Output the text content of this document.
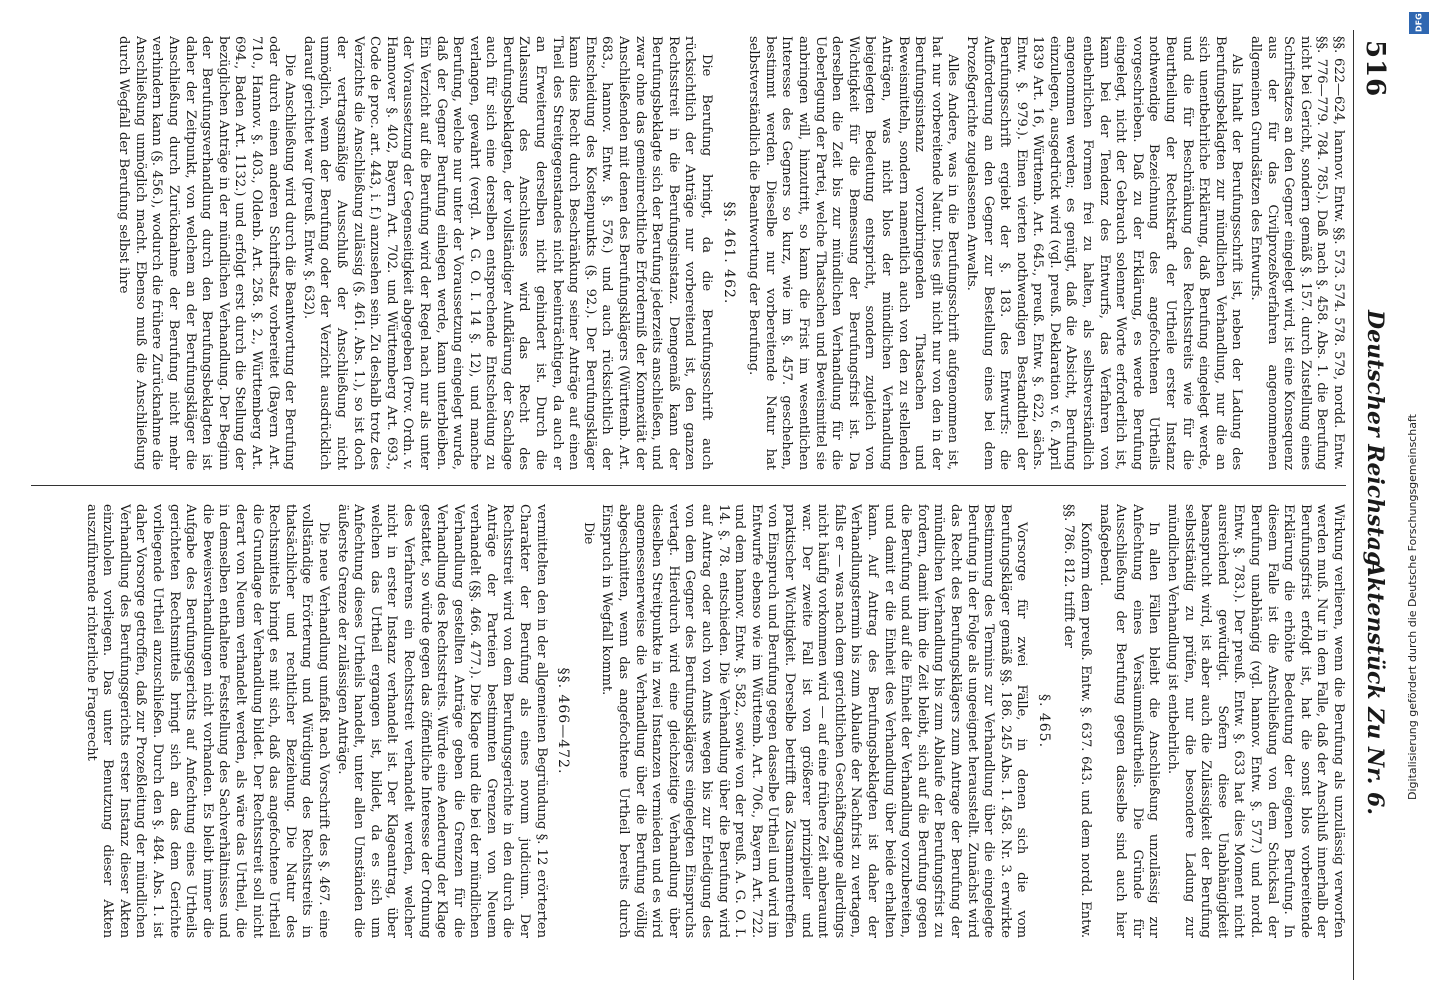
516
Deutscher Reichstag.
Aktenstück Zu Nr. 6.

§§. 622—624, hannov. Entw. §§. 573. 574. 578. 579, nordd. Entw. §§. 776—779. 784. 785.). Daß nach §. 458. Abs. 1. die Berufung nicht bei Gericht, sondern gemäß §. 157. durch Zustellung eines Schriftsatzes an den Gegner eingelegt wird, ist eine Konsequenz aus der für das Civilprozeßverfahren angenommenen allgemeinen Grundsätzen des Entwurfs.

Als Inhalt der Berufungsschrift ist, neben der Ladung des Berufungsbeklagten zur mündlichen Verhandlung, nur die an sich unentbehrliche Erklärung, daß Berufung eingelegt werde, und die für Beschränkung des Rechtsstreits wie für die Beurtheilung der Rechtskraft der Urtheile erster Instanz nothwendige Bezeichnung des angefochtenen Urtheils vorgeschrieben. Daß zu der Erklärung, es werde Berufung eingelegt, nicht der Gebrauch solenner Worte erforderlich ist, kann bei der Tendenz des Entwurfs, das Verfahren von entbehrlichen Formen frei zu halten, als selbstverständlich angenommen werden; es genügt, daß die Absicht, Berufung einzulegen, ausgedrückt wird (vgl. preuß. Deklaration v. 6. April 1839 Art. 16, Württemb. Art. 645., preuß. Entw. §. 622, sächs. Entw. §. 979.). Einen vierten nothwendigen Bestandtheil der Berufungsschrift ergiebt der §. 183. des Entwurfs: die Aufforderung an den Gegner zur Bestellung eines bei dem Prozeßgerichte zugelassenen Anwalts.

Alles Andere, was in die Berufungsschrift aufgenommen ist, hat nur vorbereitende Natur. Dies gilt nicht nur von den in der Berufungsinstanz vorzubringenden Thatsachen und Beweismitteln, sondern namentlich auch von den zu stellenden Anträgen, was nicht blos der mündlichen Verhandlung beigelegten Bedeutung entspricht, sondern zugleich von Wichtigkeit für die Bemessung der Berufungsfrist ist. Da derselben die Zeit bis zur mündlichen Verhandlung für die Ueberlegung der Partei, welche Thatsachen und Beweismittel sie anbringen will, hinzutritt, so kann die Frist im wesentlichen Interesse des Gegners so kurz, wie im §. 457. geschehen, bestimmt werden. Dieselbe nur vorbereitende Natur hat selbstverständlich die Beantwortung der Berufung.

§§. 461. 462.

Die Berufung bringt, da die Berufungsschrift auch rücksichtlich der Anträge nur vorbereitend ist, den ganzen Rechtsstreit in die Berufungsinstanz. Demgemäß kann der Berufungsbeklagte sich der Berufung jederzeits anschließen, und zwar ohne das gemeinrechtliche Erforderniß der Konnexität der Anschließenden mit denen des Berufungsklägers (Württemb. Art. 683., hannov. Entw. §. 576.) und auch rücksichtlich der Entscheidung des Kostenpunkts (§. 92.). Der Berufungskläger kann dies Recht durch Beschränkung seiner Anträge auf einen Theil des Streitgegenstandes nicht beeinträchtigen, da auch er an Erweiterung derselben nicht gehindert ist. Durch die Zulassung des Anschlusses wird das Recht des Berufungsbeklagten, der vollständiger Aufklärung der Sachlage auch für sich eine derselben entsprechende Entscheidung zu verlangen, gewahrt (vergl. A. G. O. I. 14 §. 12), und manche Berufung, welche nur unter der Voraussetzung eingelegt wurde, daß der Gegner Berufung einlegen werde, kann unterbleiben. Ein Verzicht auf die Berufung wird der Regel nach nur als unter der Voraussetzung der Gegenseitigkeit abgegeben (Prov. Ordn. v. Hannover §. 402, Bayern Art. 702. und Württemberg Art. 693., Code de proc. art. 443, i. f.) anzusehen sein. Zu deshalb trotz des Verzichts die Anschließung zulässig (§. 461. Abs. 1.), so ist doch der vertragsmäßige Ausschluß der Anschließung nicht unmöglich, wenn der Berufung oder der Verzicht ausdrücklich darauf gerichtet war (preuß. Entw. §. 632).

Die Anschließung wird durch die Beantwortung der Berufung oder durch einen anderen Schriftsatz vorbereitet (Bayern Art. 710., Hannov. §. 403., Oldenb. Art. 258. §. 2., Württemberg Art. 694., Baden Art. 1132.) und erfolgt erst durch die Stellung der bezüglichen Anträge in der mündlichen Verhandlung. Der Beginn der Berufungsverhandlung durch den Berufungsbeklagten ist daher der Zeitpunkt, von welchem an der Berufungskläger die Anschließung durch Zurücknahme der Berufung nicht mehr verhindern kann (§. 456.), wodurch die frühere Zurücknahme die Anschließung unmöglich macht. Ebenso muß die Anschließung durch Wegfall der Berufung selbst ihre

Wirkung verlieren, wenn die Berufung als unzulässig verworfen werden muß. Nur in dem Falle, daß der Anschluß innerhalb der Berufungsfrist erfolgt ist, hat die sonst blos vorbereitende Erklärung die erhöhte Bedeutung der eigenen Berufung. In diesem Falle ist die Anschließung von dem Schicksal der Berufung unabhängig (vgl. hannov. Entw. §. 577.) und nordd. Entw. §. 783.). Der preuß. Entw. §. 633 hat dies Moment nicht ausreichend gewürdigt. Sofern diese Unabhängigkeit beansprucht wird, ist aber auch die Zulässigkeit der Berufung selbstständig zu prüfen, nur die besondere Ladung zur mündlichen Verhandlung ist entbehrlich.

In allen Fällen bleibt die Anschließung unzulässig zur Anfechtung eines Versäumnißurtheils. Die Gründe für Ausschließung der Berufung gegen dasselbe sind auch hier maßgebend.

Konform dem preuß. Entw. §. 637. 643. und dem nordd. Entw. §§. 786. 812. trifft der

§. 465.

Vorsorge für zwei Fälle, in denen sich die vom Berufungskläger gemäß §§. 186. 245 Abs. 1. 458. Nr. 3. erwirkte Bestimmung des Termins zur Verhandlung über die eingelegte Berufung in der Folge als ungeeignet herausstellt. Zunächst wird das Recht des Berufungsklägers zum Antrage der Berufung der mündlichen Verhandlung bis zum Ablaufe der Berufungsfrist zu fordern, damit ihm die Zeit bleibt, sich auf die Berufung gegen die Berufung und auf die Einheit der Verhandlung vorzubereiten, und damit er die Einheit des Verhandlung über beide erhalten kann. Auf Antrag des Berufungsbeklagten ist daher der Verhandlungstermin bis zum Ablaufe der Nachfrist zu vertagen, falls er — was nach dem gerichtlichen Geschäftsgange allerdings nicht häufig vorkommen wird — auf eine frühere Zeit anberaumt war. Der zweite Fall ist von größerer prinzipieller und praktischer Wichtigkeit. Derselbe betrifft das Zusammentreffen von Einspruch und Berufung gegen dasselbe Urtheil und wird im Entwurfe ebenso wie im Württemb. Art. 706., Bayern Art. 722. und dem hannov. Entw. §. 582., sowie von der preuß. A. G. O. I. 14. §. 78. entschieden. Die Verhandlung über die Berufung wird auf Antrag oder auch von Amts wegen bis zur Erledigung des von dem Gegner des Berufungsklägers eingelegten Einspruchs vertagt. Hierdurch wird eine gleichzeitige Verhandlung über dieselben Streitpunkte in zwei Instanzen vermieden und es wird angemessenerweise die Verhandlung über die Berufung völlig abgeschnitten, wenn das angefochtene Urtheil bereits durch Einspruch in Wegfall kommt.

Die

§§. 466—472.

vermittelten den in der allgemeinen Begründung §. 12 erörterten Charakter der Berufung als eines novum judicium. Der Rechtsstreit wird von dem Berufungsgerichte in den durch die Anträge der Parteien bestimmten Grenzen von Neuem verhandelt (§§. 466. 477.). Die Klage und die bei der mündlichen Verhandlung gestellten Anträge geben die Grenzen für die Verhandlung des Rechtsstreits. Würde eine Aenderung der Klage gestattet, so würde gegen das öffentliche Interesse der Ordnung des Verfahrens ein Rechtsstreit verhandelt werden, welcher nicht in erster Instanz verhandelt ist. Der Klageantrag, über welchen das Urtheil ergangen ist, bildet, da es sich um Anfechtung dieses Urtheils handelt, unter allen Umständen die äußerste Grenze der zulässigen Anträge.

Die neue Verhandlung umfaßt nach Vorschrift des §. 467. eine vollständige Erörterung und Würdigung des Rechtsstreits in thatsächlicher und rechtlicher Beziehung. Die Natur des Rechtsmittels bringt es mit sich, daß das angefochtene Urtheil die Grundlage der Verhandlung bildet. Der Rechtsstreit soll nicht derart von Neuem verhandelt werden, als wäre das Urtheil, die in demselben enthaltene Feststellung des Sachverhältnisses und die Beweisverhandlungen nicht vorhanden. Es bleibt immer die Aufgabe des Berufungsgerichts auf Anfechtung eines Urtheils gerichteten Rechtsmittels bringt sich an das dem Gerichte vorliegende Urtheil anzuschließen. Durch den §. 484. Abs. 1. ist daher Vorsorge getroffen, daß zur Prozeßleitung der mündlichen Verhandlung des Berufungsgerichts erster Instanz dieser Akten einzuholen vorliegen. Das unter Benutzung dieser Akten auszuführende richterliche Fragerecht

DFG
Digitalisierung gefördert durch die Deutsche Forschungsgemeinschaft
